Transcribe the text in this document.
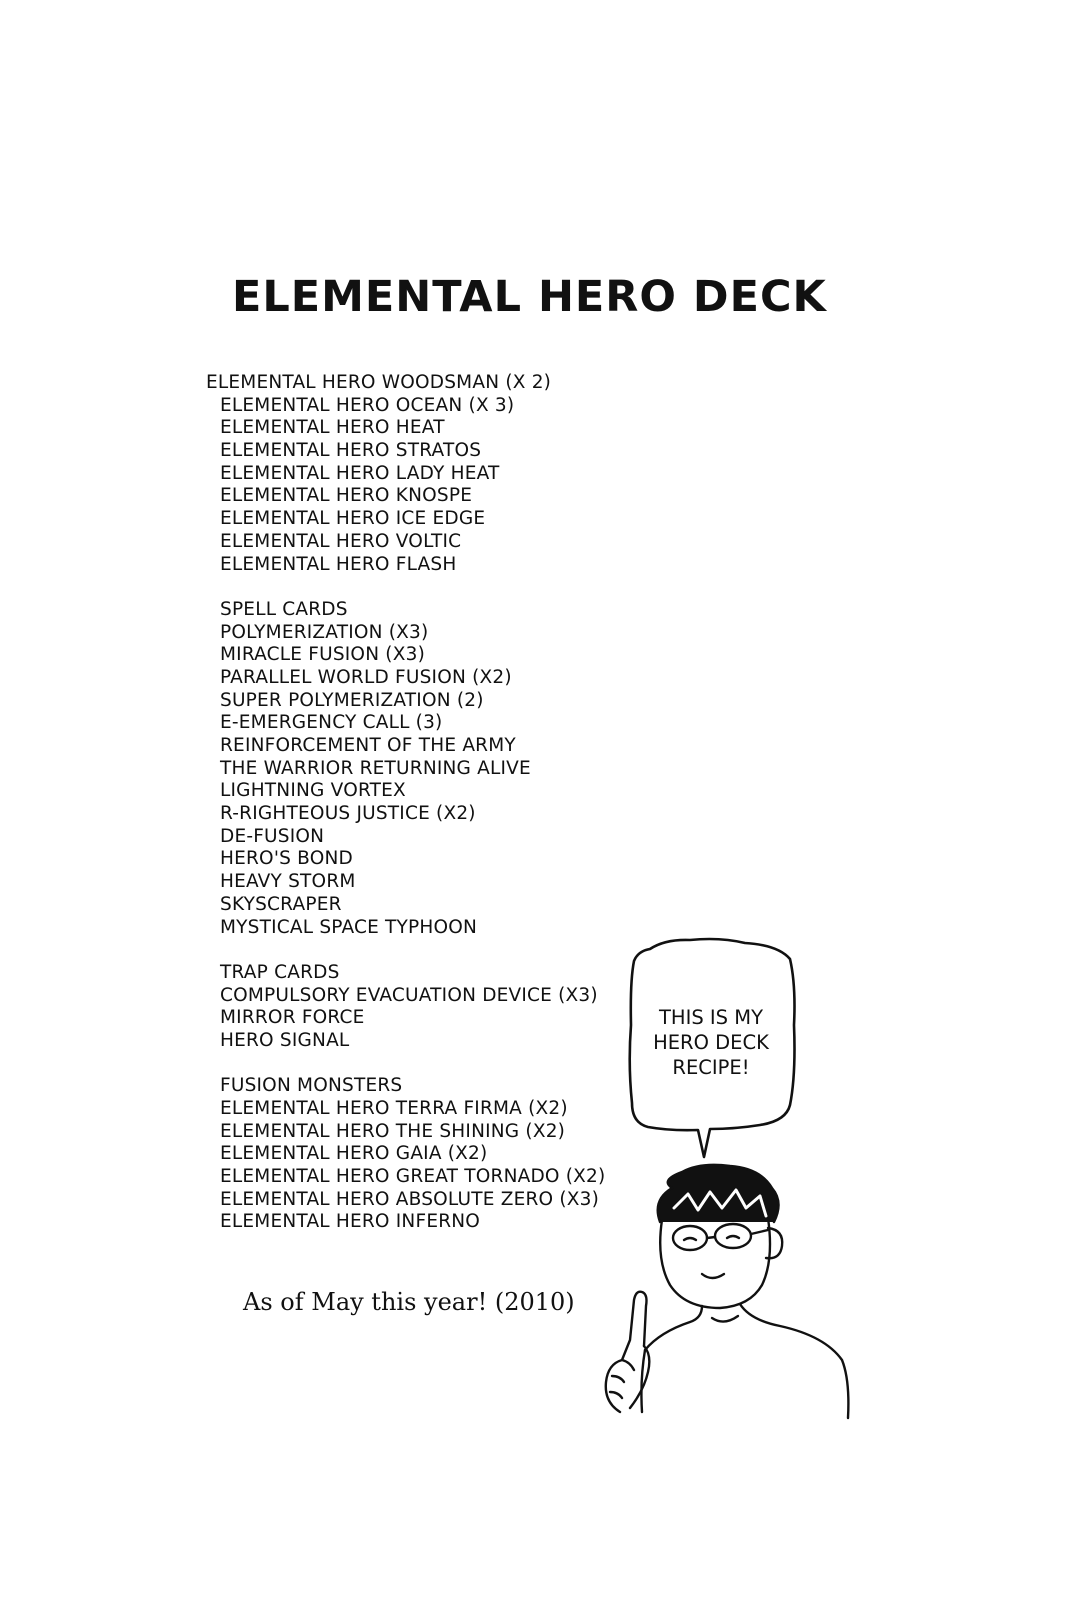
ELEMENTAL HERO DECK
ELEMENTAL HERO WOODSMAN (X 2)
ELEMENTAL HERO OCEAN (X 3)
ELEMENTAL HERO HEAT
ELEMENTAL HERO STRATOS
ELEMENTAL HERO LADY HEAT
ELEMENTAL HERO KNOSPE
ELEMENTAL HERO ICE EDGE
ELEMENTAL HERO VOLTIC
ELEMENTAL HERO FLASH
SPELL CARDS
POLYMERIZATION (X3)
MIRACLE FUSION (X3)
PARALLEL WORLD FUSION (X2)
SUPER POLYMERIZATION (2)
E-EMERGENCY CALL (3)
REINFORCEMENT OF THE ARMY
THE WARRIOR RETURNING ALIVE
LIGHTNING VORTEX
R-RIGHTEOUS JUSTICE (X2)
DE-FUSION
HERO'S BOND
HEAVY STORM
SKYSCRAPER
MYSTICAL SPACE TYPHOON
TRAP CARDS
COMPULSORY EVACUATION DEVICE (X3)
MIRROR FORCE
HERO SIGNAL
FUSION MONSTERS
ELEMENTAL HERO TERRA FIRMA (X2)
ELEMENTAL HERO THE SHINING (X2)
ELEMENTAL HERO GAIA (X2)
ELEMENTAL HERO GREAT TORNADO (X2)
ELEMENTAL HERO ABSOLUTE ZERO (X3)
ELEMENTAL HERO INFERNO
As of May this year! (2010)
THIS IS MY
HERO DECK
RECIPE!
